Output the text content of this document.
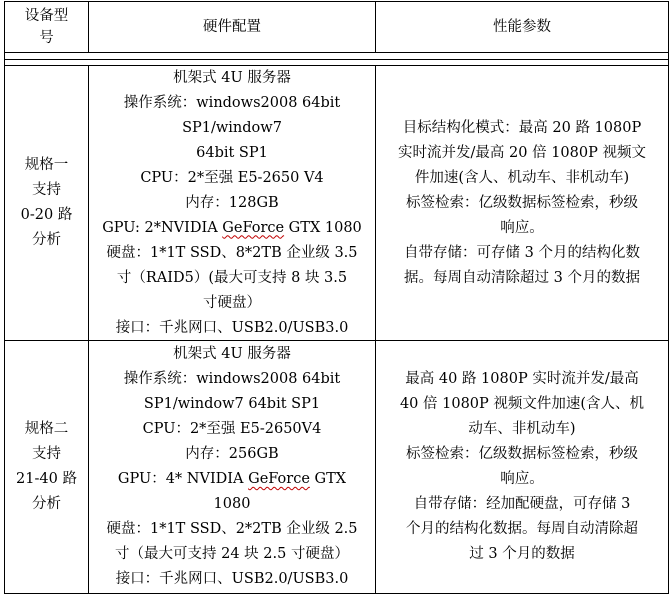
设备型
号
硬件配置	性能参数
规格一
支持
0-20 路
分析
机架式 4U 服务器
操作系统：windows2008 64bit
SP1/window7
64bit SP1
CPU：2*至强 E5-2650 V4
内存：128GB
GPU: 2*NVIDIA GeForce GTX 1080
硬盘：1*1T SSD、8*2TB 企业级 3.5
寸（RAID5）(最大可支持 8 块 3.5
寸硬盘）
接口：千兆网口、USB2.0/USB3.0
目标结构化模式：最高 20 路 1080P
实时流并发/最高 20 倍 1080P 视频文
件加速(含人、机动车、非机动车)
标签检索：亿级数据标签检索，秒级
响应。
自带存储：可存储 3 个月的结构化数
据。每周自动清除超过 3 个月的数据
规格二
支持
21-40 路
分析
机架式 4U 服务器
操作系统：windows2008 64bit
SP1/window7 64bit SP1
CPU：2*至强 E5-2650V4
内存：256GB
GPU：4* NVIDIA GeForce GTX
1080
硬盘：1*1T SSD、2*2TB 企业级 2.5
寸（最大可支持 24 块 2.5 寸硬盘）
接口：千兆网口、USB2.0/USB3.0
最高 40 路 1080P 实时流并发/最高
40 倍 1080P 视频文件加速(含人、机
动车、非机动车)
标签检索：亿级数据标签检索，秒级
响应。
自带存储：经加配硬盘，可存储 3
个月的结构化数据。每周自动清除超
过 3 个月的数据
